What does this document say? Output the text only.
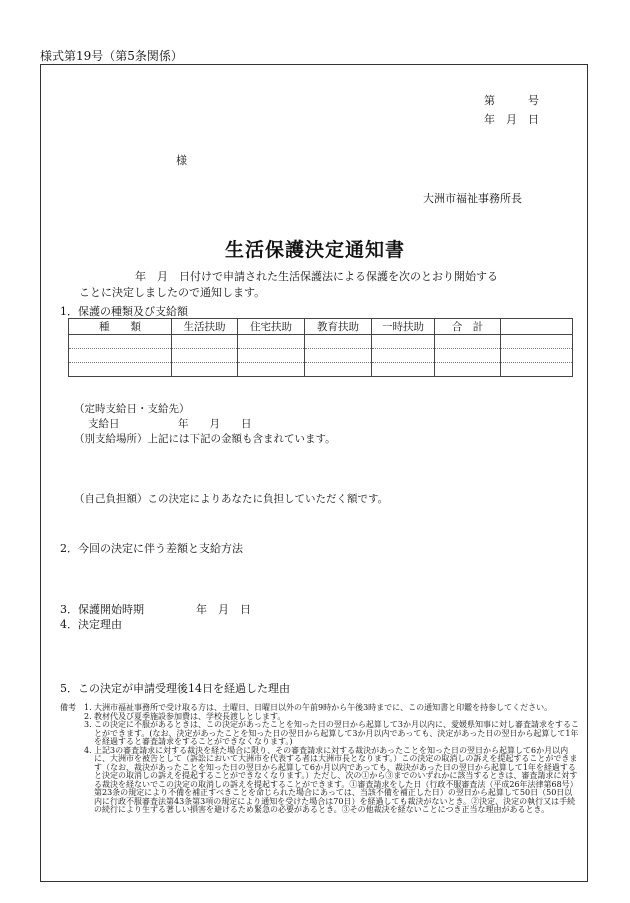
様式第19号（第5条関係）
第　　　号
年　月　日
様
大洲市福祉事務所長
生活保護決定通知書
年　月　日付けで申請された生活保護法による保護を次のとおり開始する
ことに決定しましたので通知します。
1．保護の種類及び支給額
種　　類	生活扶助	住宅扶助	教育扶助	一時扶助	合　計	

（定時支給日・支給先）
支給日	年　　月　　日
（別支給場所）上記には下記の金額も含まれています。
（自己負担額）この決定によりあなたに負担していただく額です。
2．今回の決定に伴う差額と支給方法
3．保護開始時期	年　月　日
4．決定理由
5．この決定が申請受理後14日を経過した理由
備考	1. 大洲市福祉事務所で受け取る方は、土曜日、日曜日以外の午前9時から午後3時までに、この通知書と印鑑を持参してください。
2. 教材代及び夏季施設参加費は、学校長渡しとします。
3. この決定に不服があるときは、この決定があったことを知った日の翌日から起算して3か月以内に、愛媛県知事に対し審査請求をすることができます。(なお、決定があったことを知った日の翌日から起算して3か月以内であっても、決定があった日の翌日から起算して1年を経過すると審査請求をすることができなくなります。)
4. 上記3の審査請求に対する裁決を経た場合に限り、その審査請求に対する裁決があったことを知った日の翌日から起算して6か月以内に、大洲市を被告として（訴訟において大洲市を代表する者は大洲市長となります。）この決定の取消しの訴えを提起することができます（なお、裁決があったことを知った日の翌日から起算して6か月以内であっても、裁決があった日の翌日から起算して1年を経過すると決定の取消しの訴えを提起することができなくなります。）ただし、次の①から③までのいずれかに該当するときは、審査請求に対する裁決を経ないでこの決定の取消しの訴えを提起することができます。①審査請求をした日（行政不服審査法（平成26年法律第68号）第23条の規定により不備を補正すべきことを命じられた場合にあっては、当該不備を補正した日）の翌日から起算して50日（50日以内に行政不服審査法第43条第3項の規定により通知を受けた場合は70日）を経過しても裁決がないとき。②決定、決定の執行又は手続の続行により生ずる著しい損害を避けるため緊急の必要があるとき。③その他裁決を経ないことにつき正当な理由があるとき。
